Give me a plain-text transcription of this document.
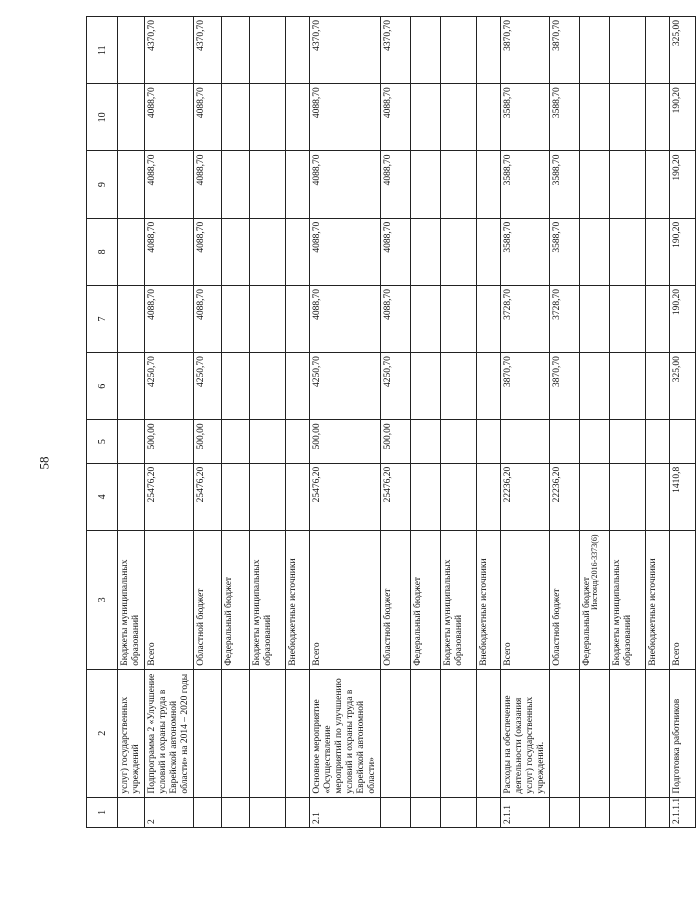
58
Инстонд/2016-3373(6)
1	2	3	4	5	6	7	8	9	10	11
	услуг) государственных учреждений	Бюджеты муниципальных образований								
2	Подпрограмма 2 «Улучшение условий и охраны труда в Еврейской автономной области» на 2014 – 2020 годы	Всего	25476,20	500,00	4250,70	4088,70	4088,70	4088,70	4088,70	4370,70
		Областной бюджет	25476,20	500,00	4250,70	4088,70	4088,70	4088,70	4088,70	4370,70
		Федеральный бюджет								
		Бюджеты муниципальных образований								
		Внебюджетные источники								
2.1	Основное мероприятие «Осуществление мероприятий по улучшению условий и охраны труда в Еврейской автономной области»	Всего	25476,20	500,00	4250,70	4088,70	4088,70	4088,70	4088,70	4370,70
		Областной бюджет	25476,20	500,00	4250,70	4088,70	4088,70	4088,70	4088,70	4370,70
		Федеральный бюджет								
		Бюджеты муниципальных образований								
		Внебюджетные источники								
2.1.1	Расходы на обеспечение деятельности (оказания услуг) государственных учреждений.	Всего	22236,20		3870,70	3728,70	3588,70	3588,70	3588,70	3870,70
		Областной бюджет	22236,20		3870,70	3728,70	3588,70	3588,70	3588,70	3870,70
		Федеральный бюджет								
		Бюджеты муниципальных образований								
		Внебюджетные источники								
2.1.1.1	Подготовка работников	Всего	1410,8		325,00	190,20	190,20	190,20	190,20	325,00
